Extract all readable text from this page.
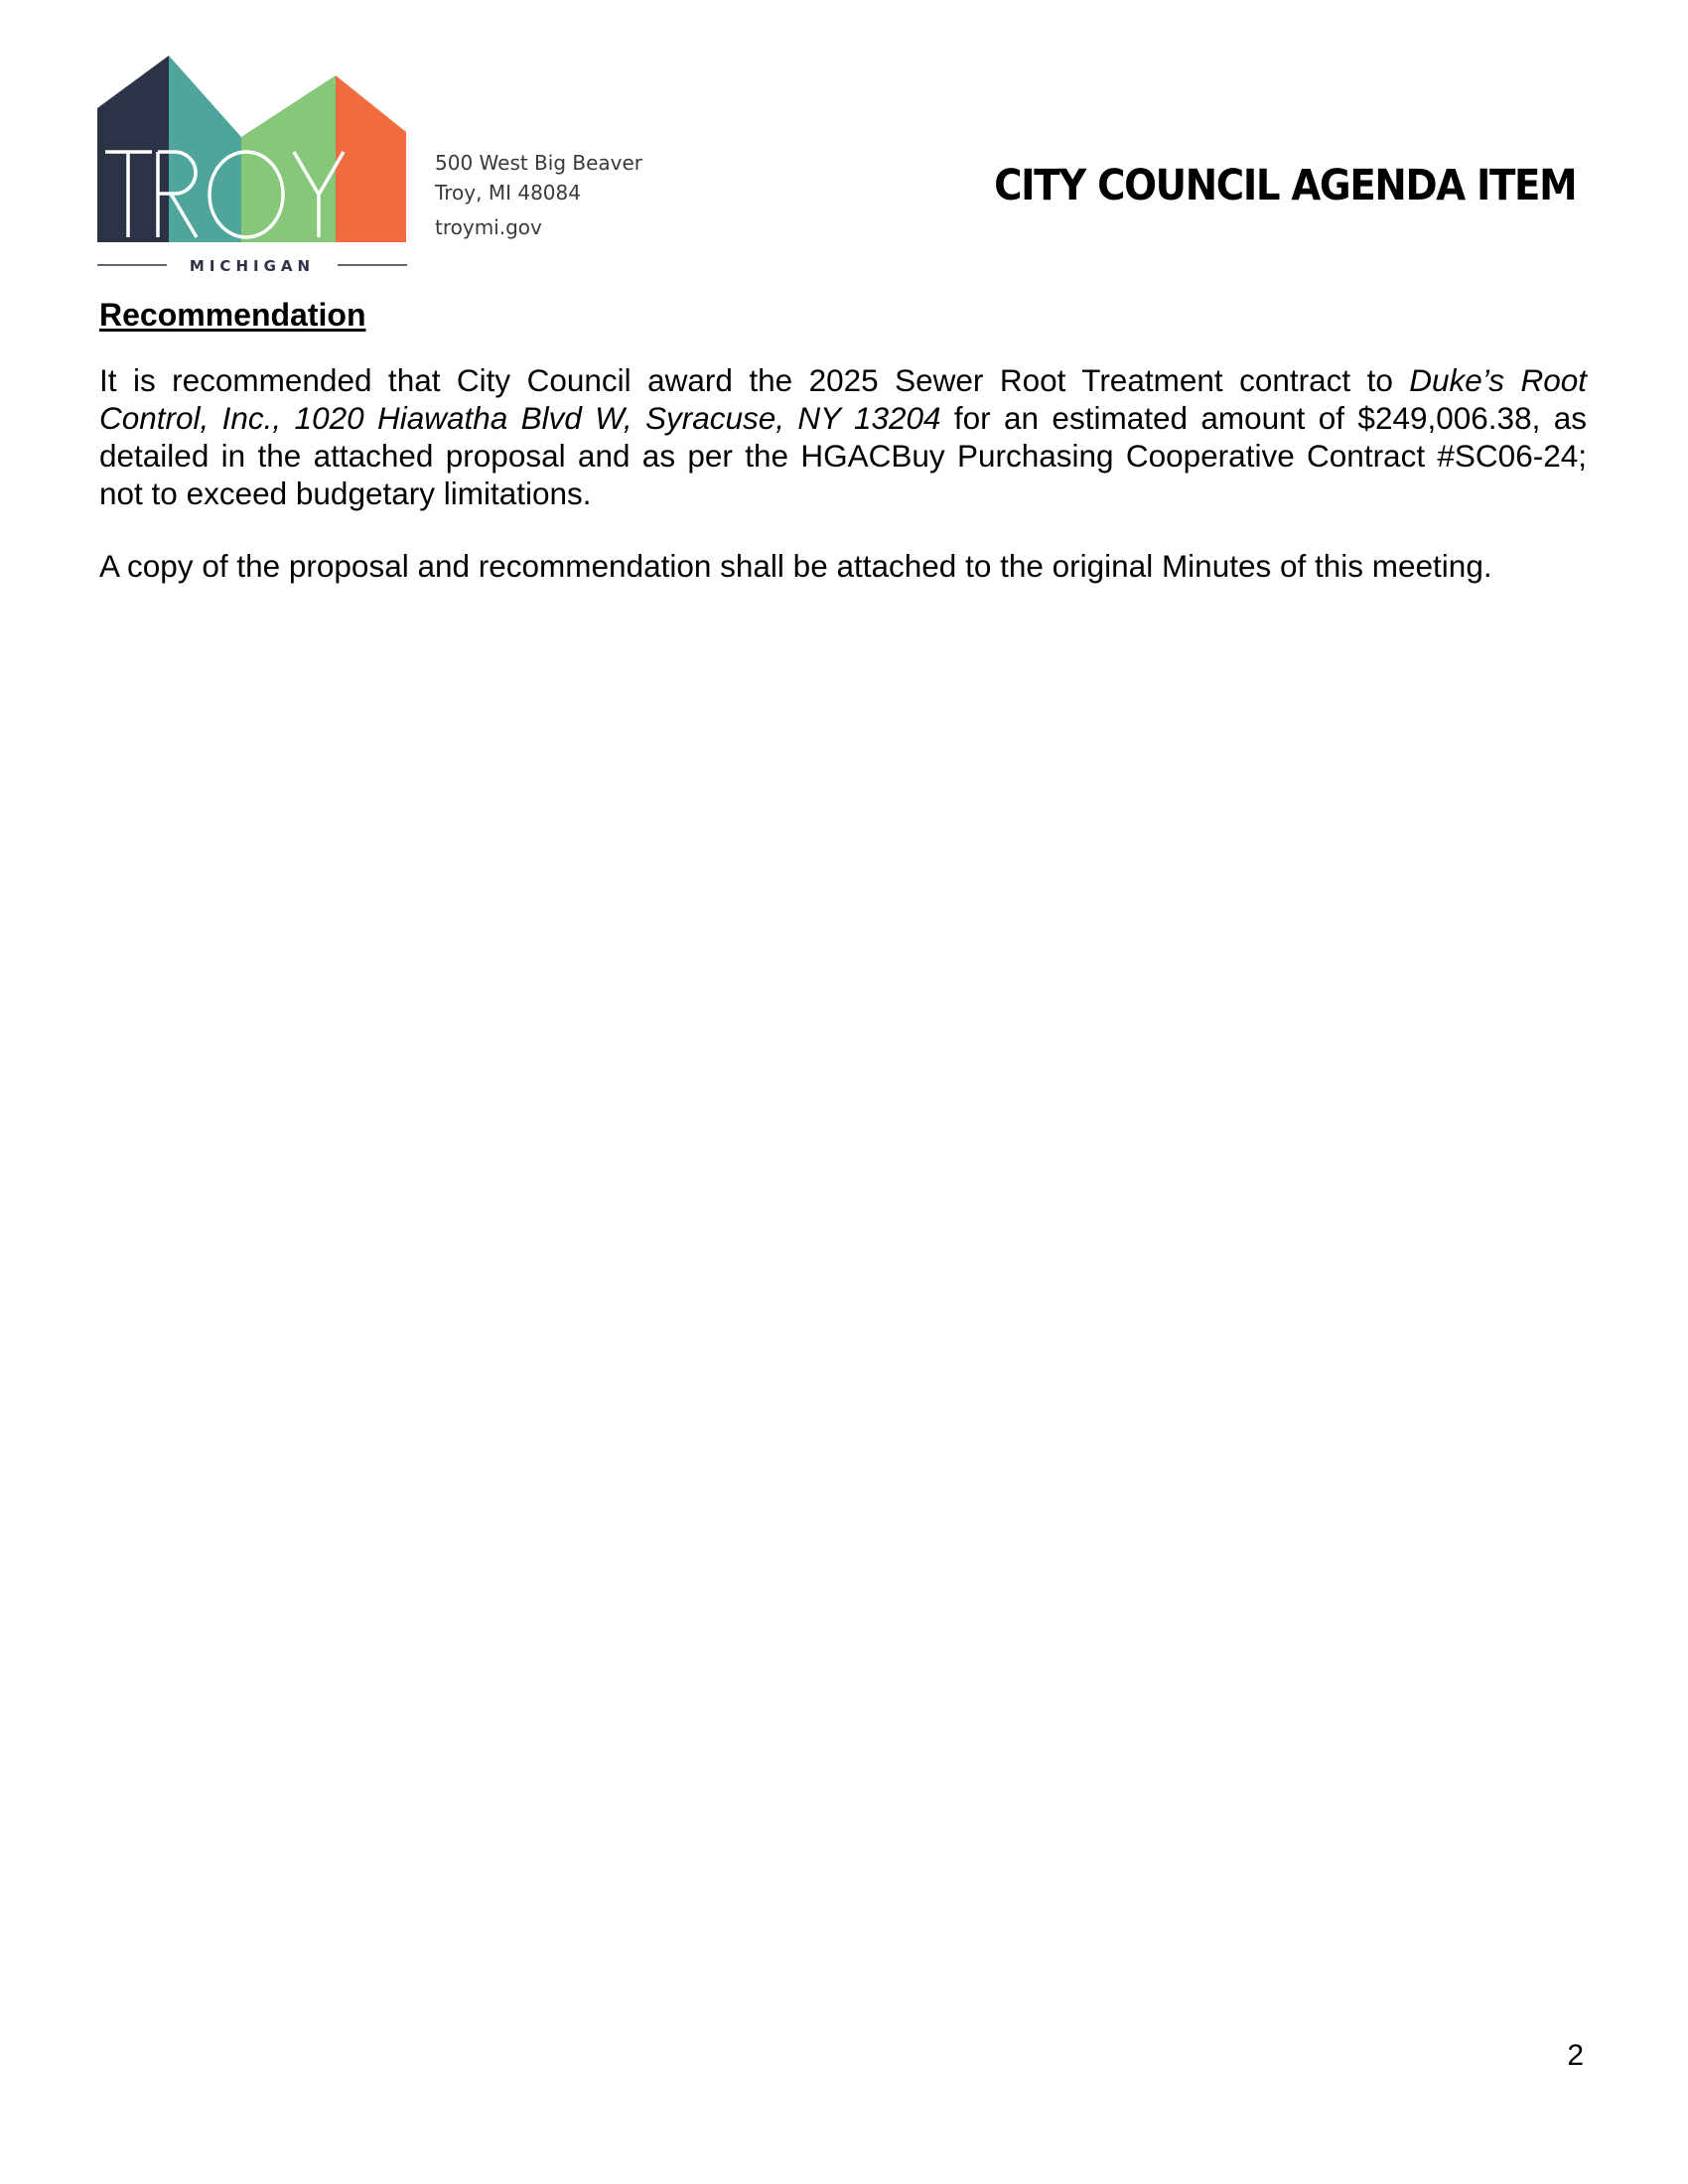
MICHIGAN
500 West Big Beaver
Troy, MI 48084
troymi.gov
CITY COUNCIL AGENDA ITEM
Recommendation

It is recommended that City Council award the 2025 Sewer Root Treatment contract to Duke’s Root Control, Inc., 1020 Hiawatha Blvd W, Syracuse, NY 13204 for an estimated amount of $249,006.38, as detailed in the attached proposal and as per the HGACBuy Purchasing Cooperative Contract #SC06-24; not to exceed budgetary limitations.

A copy of the proposal and recommendation shall be attached to the original Minutes of this meeting.

2
